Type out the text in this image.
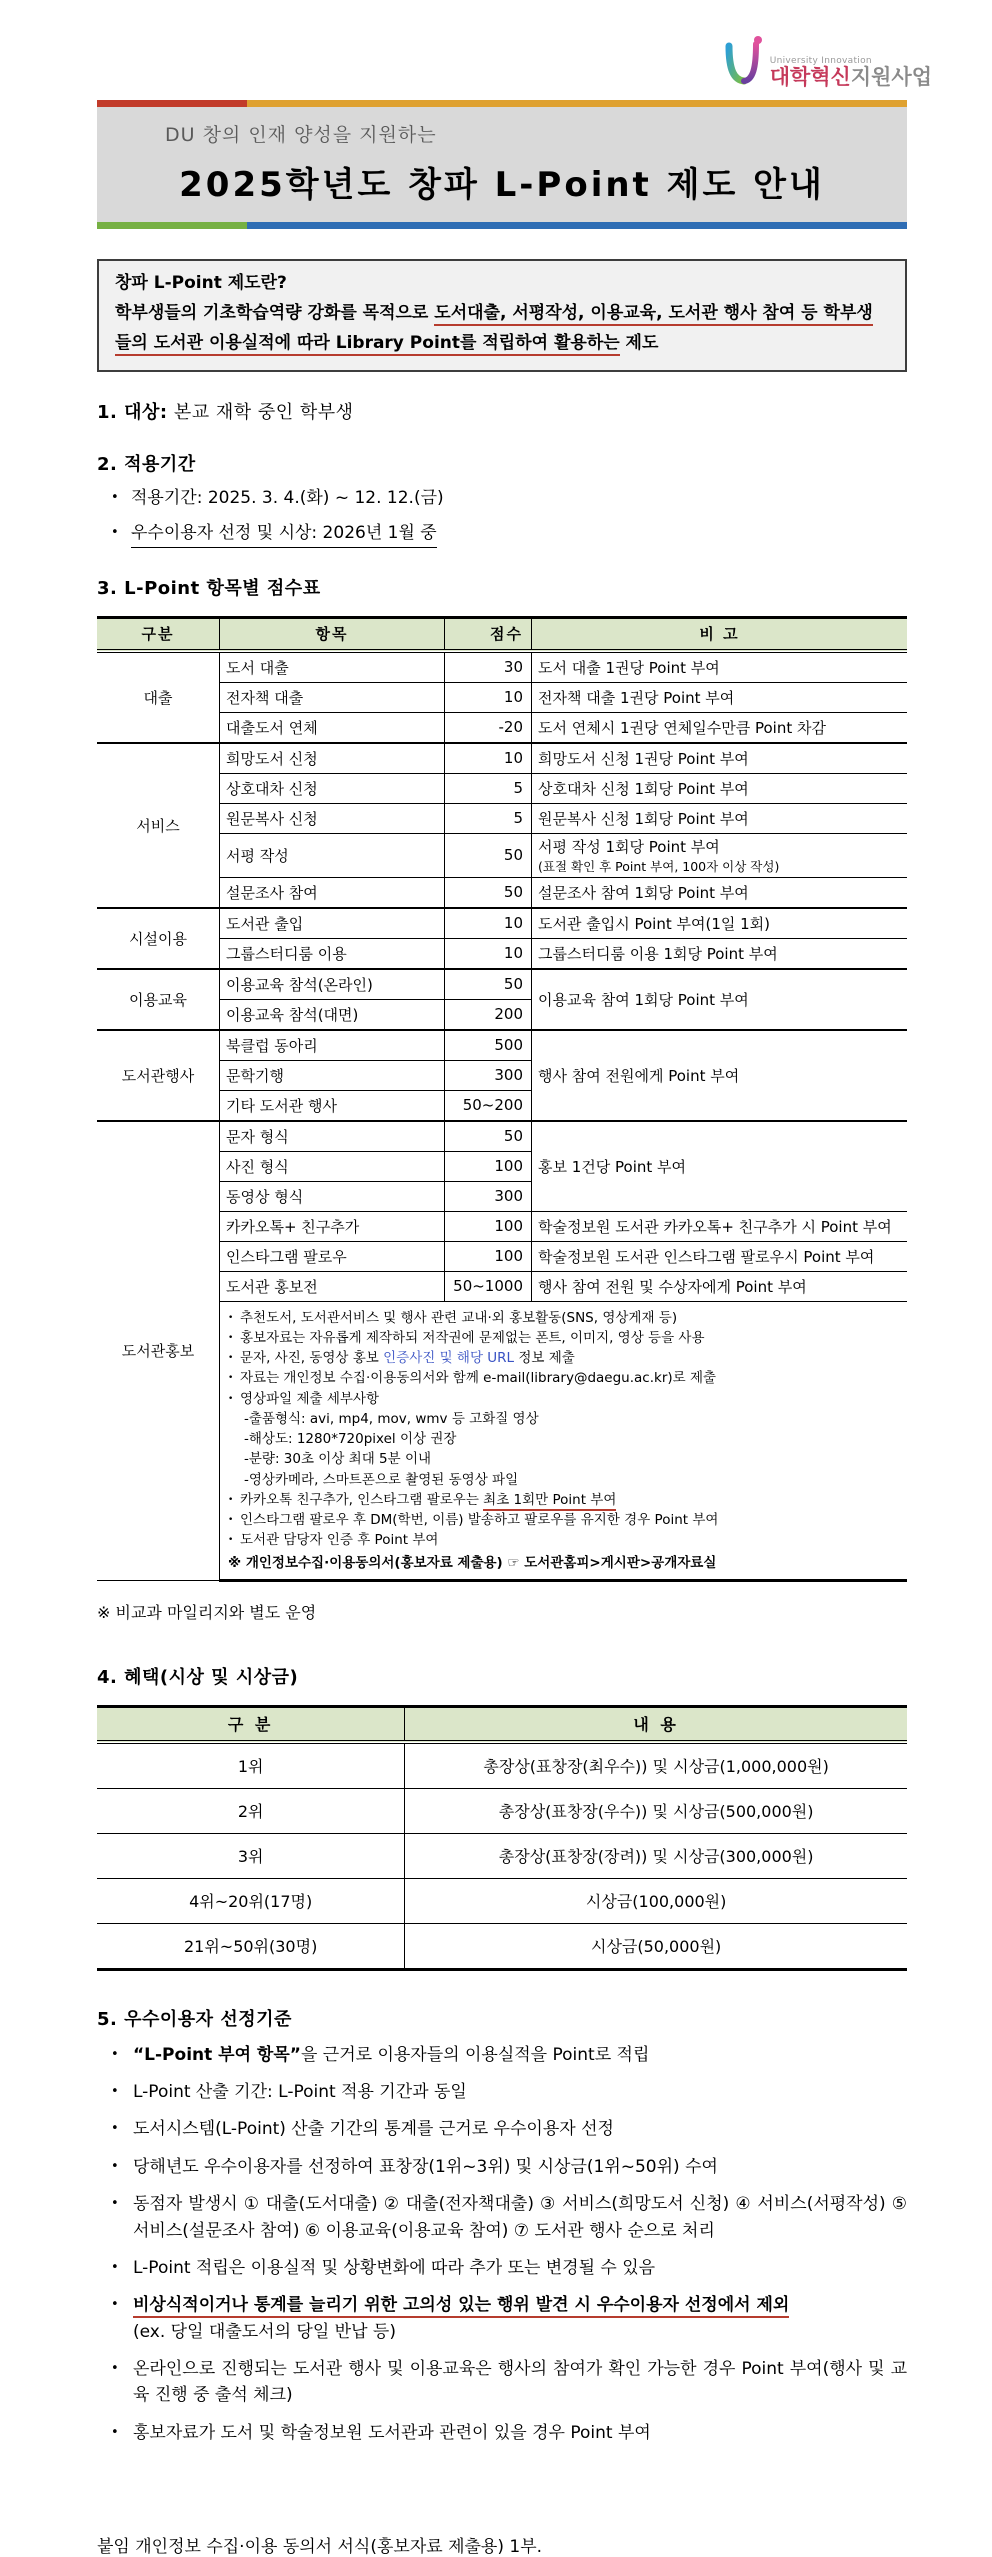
University Innovation
대학혁신지원사업
DU 창의 인재 양성을 지원하는
2025학년도 창파 L-Point 제도 안내
창파 L-Point 제도란?
학부생들의 기초학습역량 강화를 목적으로 도서대출, 서평작성, 이용교육, 도서관 행사 참여 등 학부생들의 도서관 이용실적에 따라 Library Point를 적립하여 활용하는 제도
1. 대상: 본교 재학 중인 학부생
2. 적용기간
• 적용기간: 2025. 3. 4.(화) ~ 12. 12.(금)
• 우수이용자 선정 및 시상: 2026년 1월 중
3. L-Point 항목별 점수표
구분	항목	점수	비 고
대출	도서 대출	30	도서 대출 1권당 Point 부여
	전자책 대출	10	전자책 대출 1권당 Point 부여
	대출도서 연체	-20	도서 연체시 1권당 연체일수만큼 Point 차감
서비스	희망도서 신청	10	희망도서 신청 1권당 Point 부여
	상호대차 신청	5	상호대차 신청 1회당 Point 부여
	원문복사 신청	5	원문복사 신청 1회당 Point 부여
	서평 작성	50	서평 작성 1회당 Point 부여
(표절 확인 후 Point 부여, 100자 이상 작성)

	설문조사 참여	50	설문조사 참여 1회당 Point 부여
시설이용	도서관 출입	10	도서관 출입시 Point 부여(1일 1회)
	그룹스터디룸 이용	10	그룹스터디룸 이용 1회당 Point 부여
이용교육	이용교육 참석(온라인)	50	이용교육 참여 1회당 Point 부여
	이용교육 참석(대면)	200	
도서관행사	북클럽 동아리	500	행사 참여 전원에게 Point 부여
	문학기행	300	
	기타 도서관 행사	50~200	
도서관홍보	문자 형식	50	홍보 1건당 Point 부여
	사진 형식	100	
	동영상 형식	300	
	카카오톡+ 친구추가	100	학술정보원 도서관 카카오톡+ 친구추가 시 Point 부여
	인스타그램 팔로우	100	학술정보원 도서관 인스타그램 팔로우시 Point 부여
	도서관 홍보전	50~1000	행사 참여 전원 및 수상자에게 Point 부여

• 추천도서, 도서관서비스 및 행사 관련 교내·외 홍보활동(SNS, 영상게재 등)
• 홍보자료는 자유롭게 제작하되 저작권에 문제없는 폰트, 이미지, 영상 등을 사용
• 문자, 사진, 동영상 홍보 인증사진 및 해당 URL 정보 제출
• 자료는 개인정보 수집·이용동의서와 함께 e-mail(library@daegu.ac.kr)로 제출
• 영상파일 제출 세부사항
-출품형식: avi, mp4, mov, wmv 등 고화질 영상
-해상도: 1280*720pixel 이상 권장
-분량: 30초 이상 최대 5분 이내
-영상카메라, 스마트폰으로 촬영된 동영상 파일
• 카카오톡 친구추가, 인스타그램 팔로우는 최초 1회만 Point 부여
• 인스타그램 팔로우 후 DM(학번, 이름) 발송하고 팔로우를 유지한 경우 Point 부여
• 도서관 담당자 인증 후 Point 부여
※ 개인정보수집·이용동의서(홍보자료 제출용) ☞ 도서관홈피>게시판>공개자료실
※ 비교과 마일리지와 별도 운영
4. 혜택(시상 및 시상금)
구 분	내 용
1위	총장상(표창장(최우수)) 및 시상금(1,000,000원)
2위	총장상(표창장(우수)) 및 시상금(500,000원)
3위	총장상(표창장(장려)) 및 시상금(300,000원)
4위~20위(17명)	시상금(100,000원)
21위~50위(30명)	시상금(50,000원)
5. 우수이용자 선정기준
• “L-Point 부여 항목”을 근거로 이용자들의 이용실적을 Point로 적립
• L-Point 산출 기간: L-Point 적용 기간과 동일
• 도서시스템(L-Point) 산출 기간의 통계를 근거로 우수이용자 선정
• 당해년도 우수이용자를 선정하여 표창장(1위~3위) 및 시상금(1위~50위) 수여
• 동점자 발생시 ① 대출(도서대출) ② 대출(전자책대출) ③ 서비스(희망도서 신청) ④ 서비스(서평작성) ⑤ 서비스(설문조사 참여) ⑥ 이용교육(이용교육 참여) ⑦ 도서관 행사 순으로 처리
• L-Point 적립은 이용실적 및 상황변화에 따라 추가 또는 변경될 수 있음
• 비상식적이거나 통계를 늘리기 위한 고의성 있는 행위 발견 시 우수이용자 선정에서 제외
(ex. 당일 대출도서의 당일 반납 등)
• 온라인으로 진행되는 도서관 행사 및 이용교육은 행사의 참여가 확인 가능한 경우 Point 부여(행사 및 교육 진행 중 출석 체크)
• 홍보자료가 도서 및 학술정보원 도서관과 관련이 있을 경우 Point 부여
붙임 개인정보 수집·이용 동의서 서식(홍보자료 제출용) 1부.
